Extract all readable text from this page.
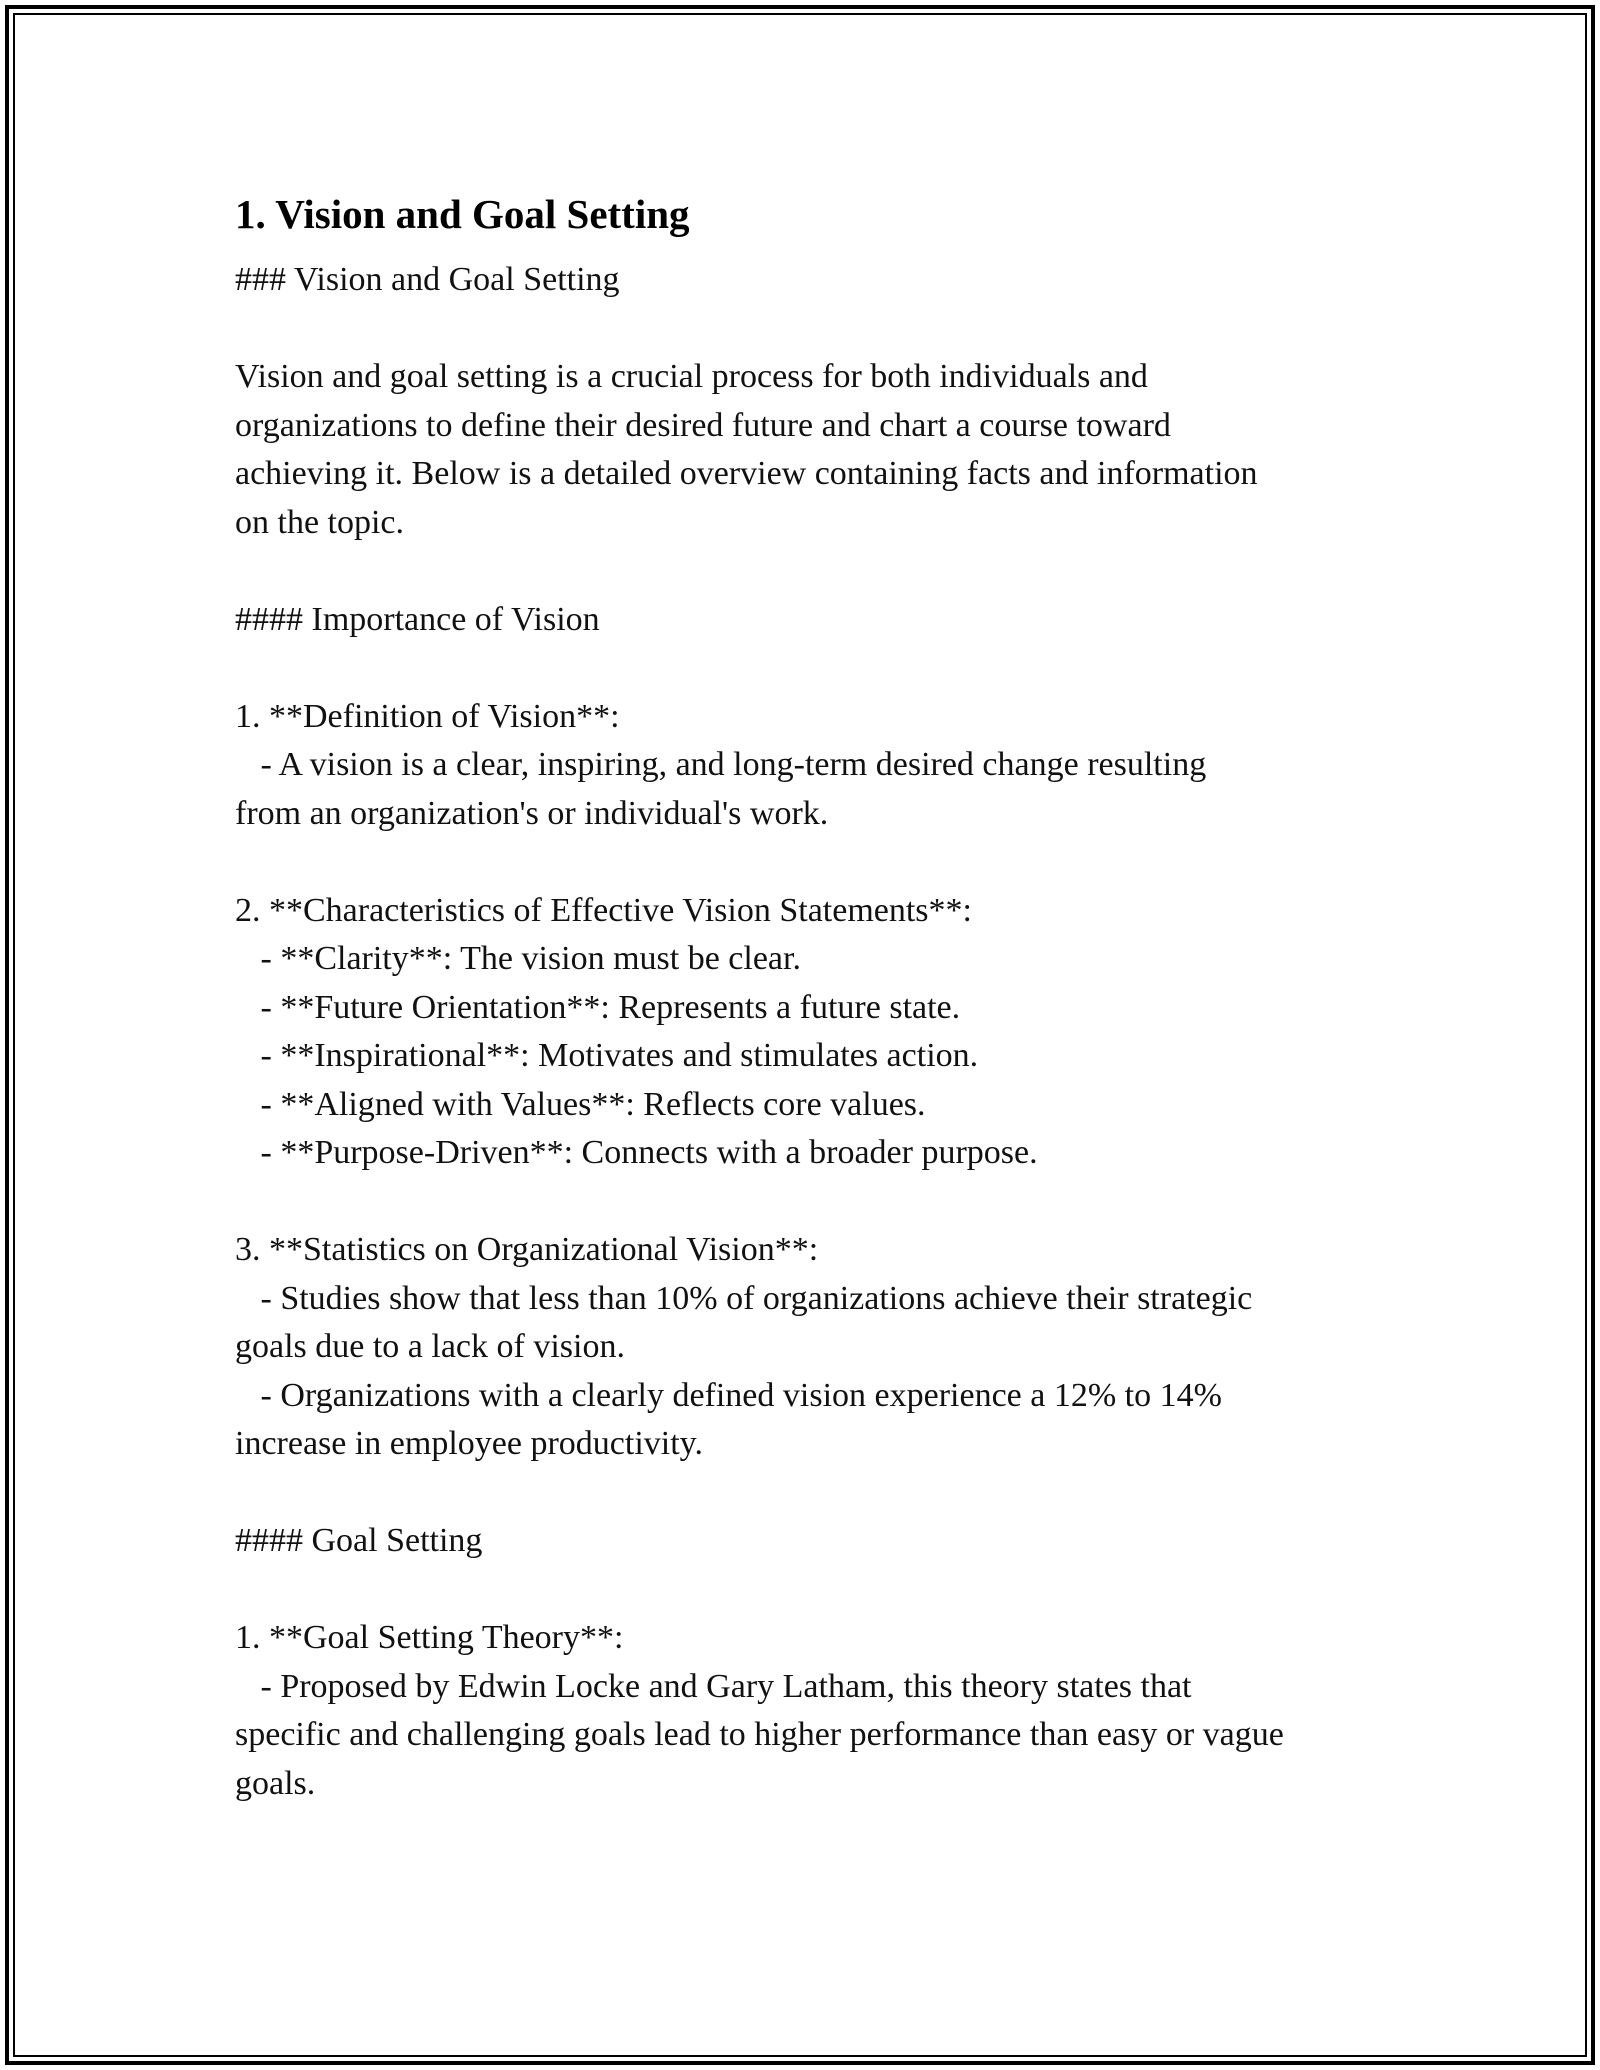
1. Vision and Goal Setting

### Vision and Goal Setting

Vision and goal setting is a crucial process for both individuals and
organizations to define their desired future and chart a course toward
achieving it. Below is a detailed overview containing facts and information
on the topic.

#### Importance of Vision

1. **Definition of Vision**:
- A vision is a clear, inspiring, and long-term desired change resulting
from an organization's or individual's work.

2. **Characteristics of Effective Vision Statements**:
- **Clarity**: The vision must be clear.
- **Future Orientation**: Represents a future state.
- **Inspirational**: Motivates and stimulates action.
- **Aligned with Values**: Reflects core values.
- **Purpose-Driven**: Connects with a broader purpose.

3. **Statistics on Organizational Vision**:
- Studies show that less than 10% of organizations achieve their strategic
goals due to a lack of vision.
- Organizations with a clearly defined vision experience a 12% to 14%
increase in employee productivity.

#### Goal Setting

1. **Goal Setting Theory**:
- Proposed by Edwin Locke and Gary Latham, this theory states that
specific and challenging goals lead to higher performance than easy or vague
goals.
